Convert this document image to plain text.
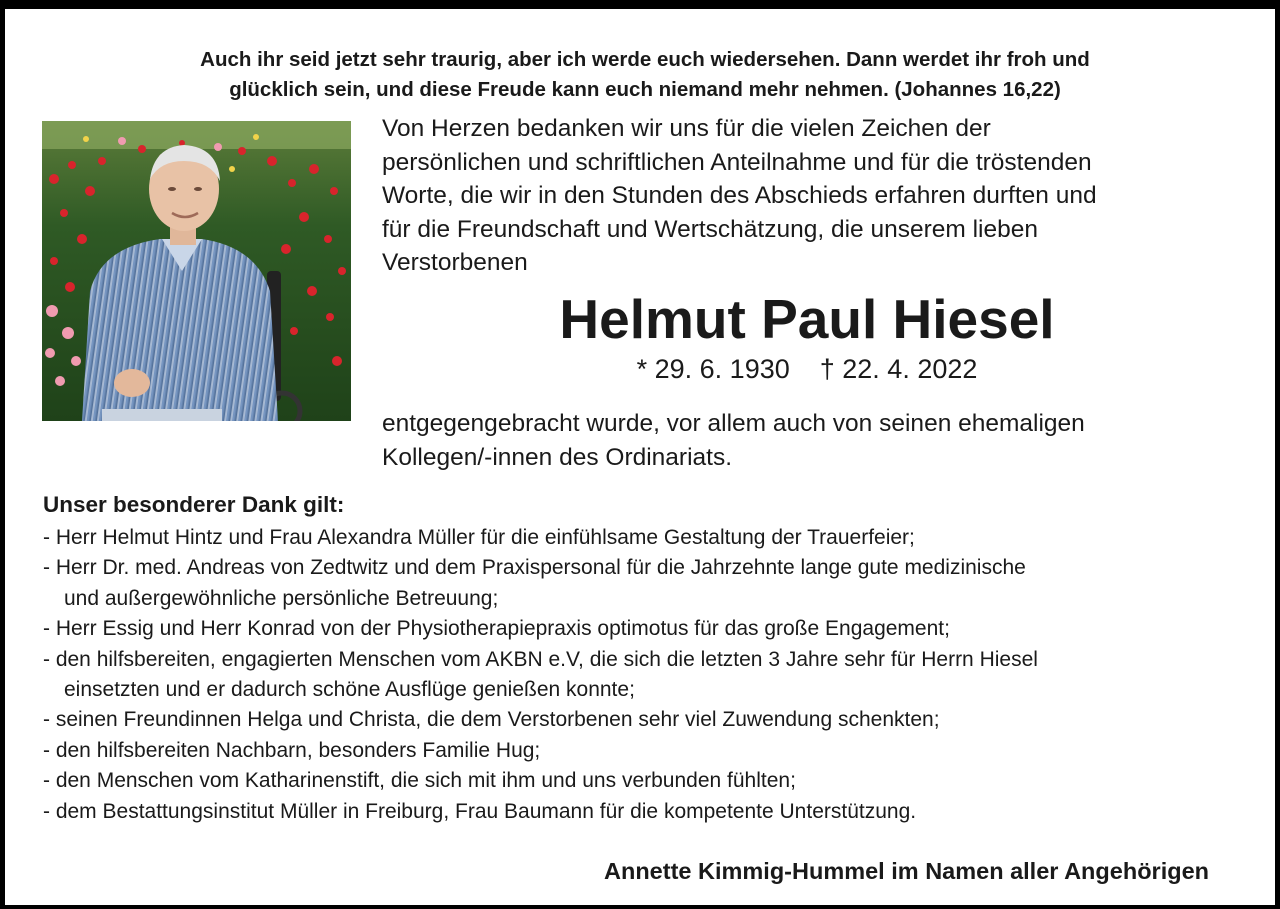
Auch ihr seid jetzt sehr traurig, aber ich werde euch wiedersehen. Dann werdet ihr froh und
glücklich sein, und diese Freude kann euch niemand mehr nehmen. (Johannes 16,22)
Von Herzen bedanken wir uns für die vielen Zeichen der
persönlichen und schriftlichen Anteilnahme und für die tröstenden
Worte, die wir in den Stunden des Abschieds erfahren durften und
für die Freundschaft und Wertschätzung, die unserem lieben
Verstorbenen
Helmut Paul Hiesel
* 29. 6. 1930 † 22. 4. 2022
entgegengebracht wurde, vor allem auch von seinen ehemaligen
Kollegen/-innen des Ordinariats.
Unser besonderer Dank gilt:
- Herr Helmut Hintz und Frau Alexandra Müller für die einfühlsame Gestaltung der Trauerfeier;
- Herr Dr. med. Andreas von Zedtwitz und dem Praxispersonal für die Jahrzehnte lange gute medizinische
und außergewöhnliche persönliche Betreuung;
- Herr Essig und Herr Konrad von der Physiotherapiepraxis optimotus für das große Engagement;
- den hilfsbereiten, engagierten Menschen vom AKBN e.V, die sich die letzten 3 Jahre sehr für Herrn Hiesel
einsetzten und er dadurch schöne Ausflüge genießen konnte;
- seinen Freundinnen Helga und Christa, die dem Verstorbenen sehr viel Zuwendung schenkten;
- den hilfsbereiten Nachbarn, besonders Familie Hug;
- den Menschen vom Katharinenstift, die sich mit ihm und uns verbunden fühlten;
- dem Bestattungsinstitut Müller in Freiburg, Frau Baumann für die kompetente Unterstützung.
Annette Kimmig-Hummel im Namen aller Angehörigen
